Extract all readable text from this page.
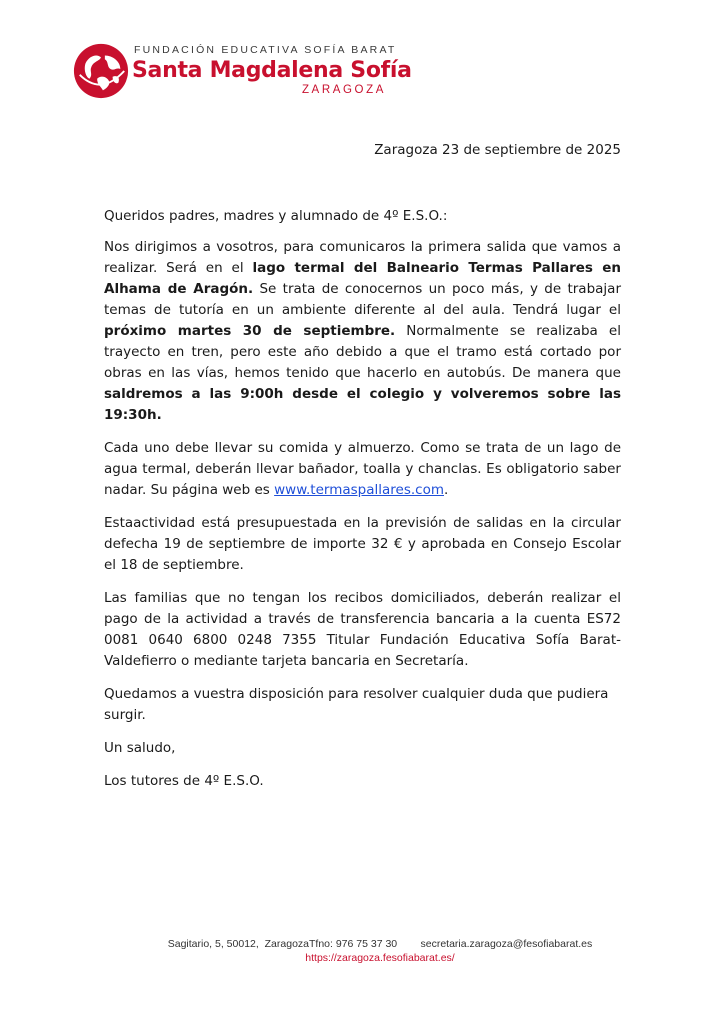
FUNDACIÓN EDUCATIVA SOFÍA BARAT
Santa Magdalena Sofía
ZARAGOZA
Zaragoza 23 de septiembre de 2025

Queridos padres, madres y alumnado de 4º E.S.O.:

Nos dirigimos a vosotros, para comunicaros la primera salida que vamos a realizar. Será en el lago termal del Balneario Termas Pallares en Alhama de Aragón. Se trata de conocernos un poco más, y de trabajar temas de tutoría en un ambiente diferente al del aula. Tendrá lugar el próximo martes 30 de septiembre. Normalmente se realizaba el trayecto en tren, pero este año debido a que el tramo está cortado por obras en las vías, hemos tenido que hacerlo en autobús. De manera que saldremos a las 9:00h desde el colegio y volveremos sobre las 19:30h.

Cada uno debe llevar su comida y almuerzo. Como se trata de un lago de agua termal, deberán llevar bañador, toalla y chanclas. Es obligatorio saber nadar. Su página web es www.termaspallares.com.

Estaactividad está presupuestada en la previsión de salidas en la circular defecha 19 de septiembre de importe 32 € y aprobada en Consejo Escolar el 18 de septiembre.

Las familias que no tengan los recibos domiciliados, deberán realizar el pago de la actividad a través de transferencia bancaria a la cuenta ES72 0081 0640 6800 0248 7355 Titular Fundación Educativa Sofía Barat-Valdefierro o mediante tarjeta bancaria en Secretaría.

Quedamos a vuestra disposición para resolver cualquier duda que pudiera surgir.

Un saludo,

Los tutores de 4º E.S.O.

Sagitario, 5, 50012,  ZaragozaTfno: 976 75 37 30 secretaria.zaragoza@fesofiabarat.es
https://zaragoza.fesofiabarat.es/
